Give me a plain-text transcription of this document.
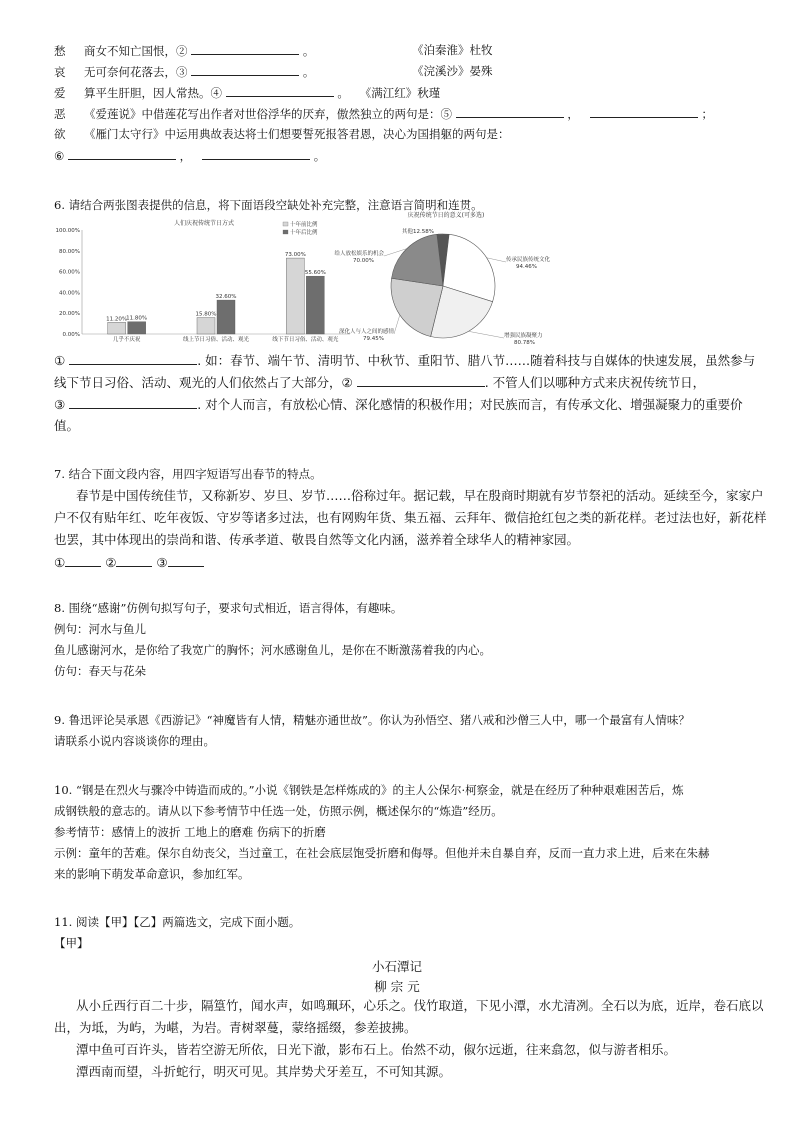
愁 商女不知亡国恨，②	。	《泊秦淮》杜牧
哀 无可奈何花落去，③	。	《浣溪沙》晏殊
爱 算平生肝胆，因人常热。④	。 《满江红》秋瑾
恶 《爱莲说》中借莲花写出作者对世俗浮华的厌弃，傲然独立的两句是：⑤	，	；
欲 《雁门太守行》中运用典故表达将士们想要誓死报答君恩，决心为国捐躯的两句是：
⑥	，	。
6. 请结合两张图表提供的信息，将下面语段空缺处补充完整，注意语言简明和连贯。
人们庆祝传统节日方式	十年前比例
十年后比例
100.00%
80.00%
60.00%
40.00%
20.00%
0.00%
11.20% 11.80%
几乎不庆祝
15.80%
32.60%
线上节日习俗、活动、观光
73.00%
55.60%
线下节日习俗、活动、观光
庆祝传统节日的意义(可多选)
其他12.58%
传承民族传统文化
94.46%
增强民族凝聚力
80.78%
深化人与人之间的感情
79.45%
给人放松娱乐的机会
70.00%
①	. 如：春节、端午节、清明节、中秋节、重阳节、腊八节……随着科技与自媒体的快速发展，虽然参与
线下节日习俗、活动、观光的人们依然占了大部分，②	. 不管人们以哪种方式来庆祝传统节日，
③	. 对个人而言，有放松心情、深化感情的积极作用；对民族而言，有传承文化、增强凝聚力的重要价
值。
7. 结合下面文段内容，用四字短语写出春节的特点。
春节是中国传统佳节，又称新岁、岁旦、岁节……俗称过年。据记载，早在殷商时期就有岁节祭祀的活动。延续至今，家家户
户不仅有贴年红、吃年夜饭、守岁等诸多过法，也有网购年货、集五福、云拜年、微信抢红包之类的新花样。老过法也好，新花样
也罢，其中体现出的崇尚和谐、传承孝道、敬畏自然等文化内涵，滋养着全球华人的精神家园。
①	②	③
8. 围绕“感谢”仿例句拟写句子，要求句式相近，语言得体，有趣味。
例句：河水与鱼儿
鱼儿感谢河水，是你给了我宽广的胸怀；河水感谢鱼儿，是你在不断激荡着我的内心。
仿句：春天与花朵
9. 鲁迅评论吴承恩《西游记》“神魔皆有人情，精魅亦通世故”。你认为孙悟空、猪八戒和沙僧三人中，哪一个最富有人情味？
请联系小说内容谈谈你的理由。
10. “钢是在烈火与骤冷中铸造而成的。”小说《钢铁是怎样炼成的》的主人公保尔·柯察金，就是在经历了种种艰难困苦后，炼
成钢铁般的意志的。请从以下参考情节中任选一处，仿照示例，概述保尔的“炼造”经历。
参考情节：感情上的波折 工地上的磨难 伤病下的折磨
示例：童年的苦难。保尔自幼丧父，当过童工，在社会底层饱受折磨和侮辱。但他并未自暴自弃，反而一直力求上进，后来在朱赫
来的影响下萌发革命意识，参加红军。
11. 阅读【甲】【乙】两篇选文，完成下面小题。
【甲】
小石潭记
柳 宗 元
从小丘西行百二十步，隔篁竹，闻水声，如鸣珮环，心乐之。伐竹取道，下见小潭，水尤清冽。全石以为底，近岸，卷石底以
出，为坻，为屿，为嵁，为岩。青树翠蔓，蒙络摇缀，参差披拂。
潭中鱼可百许头，皆若空游无所依，日光下澈，影布石上。佁然不动，俶尔远逝，往来翕忽，似与游者相乐。
潭西南而望，斗折蛇行，明灭可见。其岸势犬牙差互，不可知其源。
